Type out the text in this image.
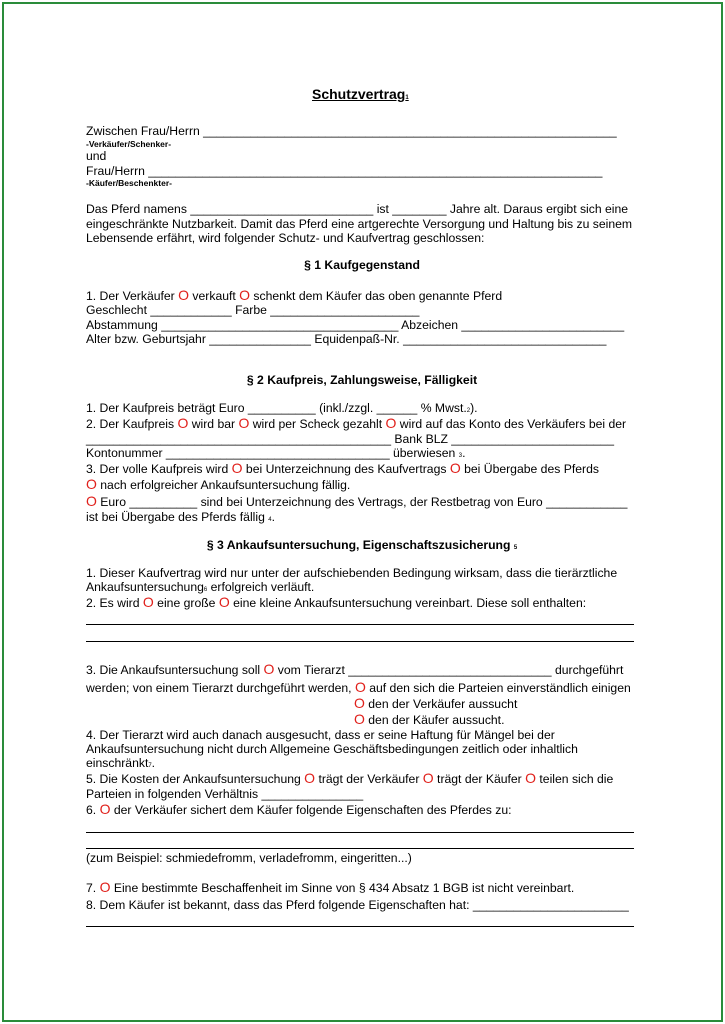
Schutzvertrag1
Zwischen Frau/Herrn _____________________________________________________________
-Verkäufer/Schenker-
und
Frau/Herrn ___________________________________________________________________
-Käufer/Beschenkter-
Das Pferd namens ___________________________ ist ________ Jahre alt. Daraus ergibt sich eine
eingeschränkte Nutzbarkeit. Damit das Pferd eine artgerechte Versorgung und Haltung bis zu seinem
Lebensende erfährt, wird folgender Schutz- und Kaufvertrag geschlossen:
§ 1 Kaufgegenstand
1. Der Verkäufer O verkauft O schenkt dem Käufer das oben genannte Pferd
Geschlecht ____________ Farbe ______________________
Abstammung ___________________________________ Abzeichen ________________________
Alter bzw. Geburtsjahr _______________ Equidenpaß-Nr. ______________________________
§ 2 Kaufpreis, Zahlungsweise, Fälligkeit
1. Der Kaufpreis beträgt Euro __________ (inkl./zzgl. ______ % Mwst.2).
2. Der Kaufpreis O wird bar O wird per Scheck gezahlt O wird auf das Konto des Verkäufers bei der
_____________________________________________ Bank BLZ ________________________
Kontonummer _________________________________ überwiesen 3.
3. Der volle Kaufpreis wird O bei Unterzeichnung des Kaufvertrags O bei Übergabe des Pferds
O nach erfolgreicher Ankaufsuntersuchung fällig.
O Euro __________ sind bei Unterzeichnung des Vertrags, der Restbetrag von Euro ____________
ist bei Übergabe des Pferds fällig 4.
§ 3 Ankaufsuntersuchung, Eigenschaftszusicherung 5
1. Dieser Kaufvertrag wird nur unter der aufschiebenden Bedingung wirksam, dass die tierärztliche
Ankaufsuntersuchung6 erfolgreich verläuft.
2. Es wird O eine große O eine kleine Ankaufsuntersuchung vereinbart. Diese soll enthalten:
3. Die Ankaufsuntersuchung soll O vom Tierarzt ______________________________ durchgeführt
werden; von einem Tierarzt durchgeführt werden, O auf den sich die Parteien einverständlich einigen
O den der Verkäufer aussucht
O den der Käufer aussucht.
4. Der Tierarzt wird auch danach ausgesucht, dass er seine Haftung für Mängel bei der
Ankaufsuntersuchung nicht durch Allgemeine Geschäftsbedingungen zeitlich oder inhaltlich
einschränkt7.
5. Die Kosten der Ankaufsuntersuchung O trägt der Verkäufer O trägt der Käufer O teilen sich die
Parteien in folgenden Verhältnis _______________
6. O der Verkäufer sichert dem Käufer folgende Eigenschaften des Pferdes zu:
(zum Beispiel: schmiedefromm, verladefromm, eingeritten...)
7. O Eine bestimmte Beschaffenheit im Sinne von § 434 Absatz 1 BGB ist nicht vereinbart.
8. Dem Käufer ist bekannt, dass das Pferd folgende Eigenschaften hat: _______________________
